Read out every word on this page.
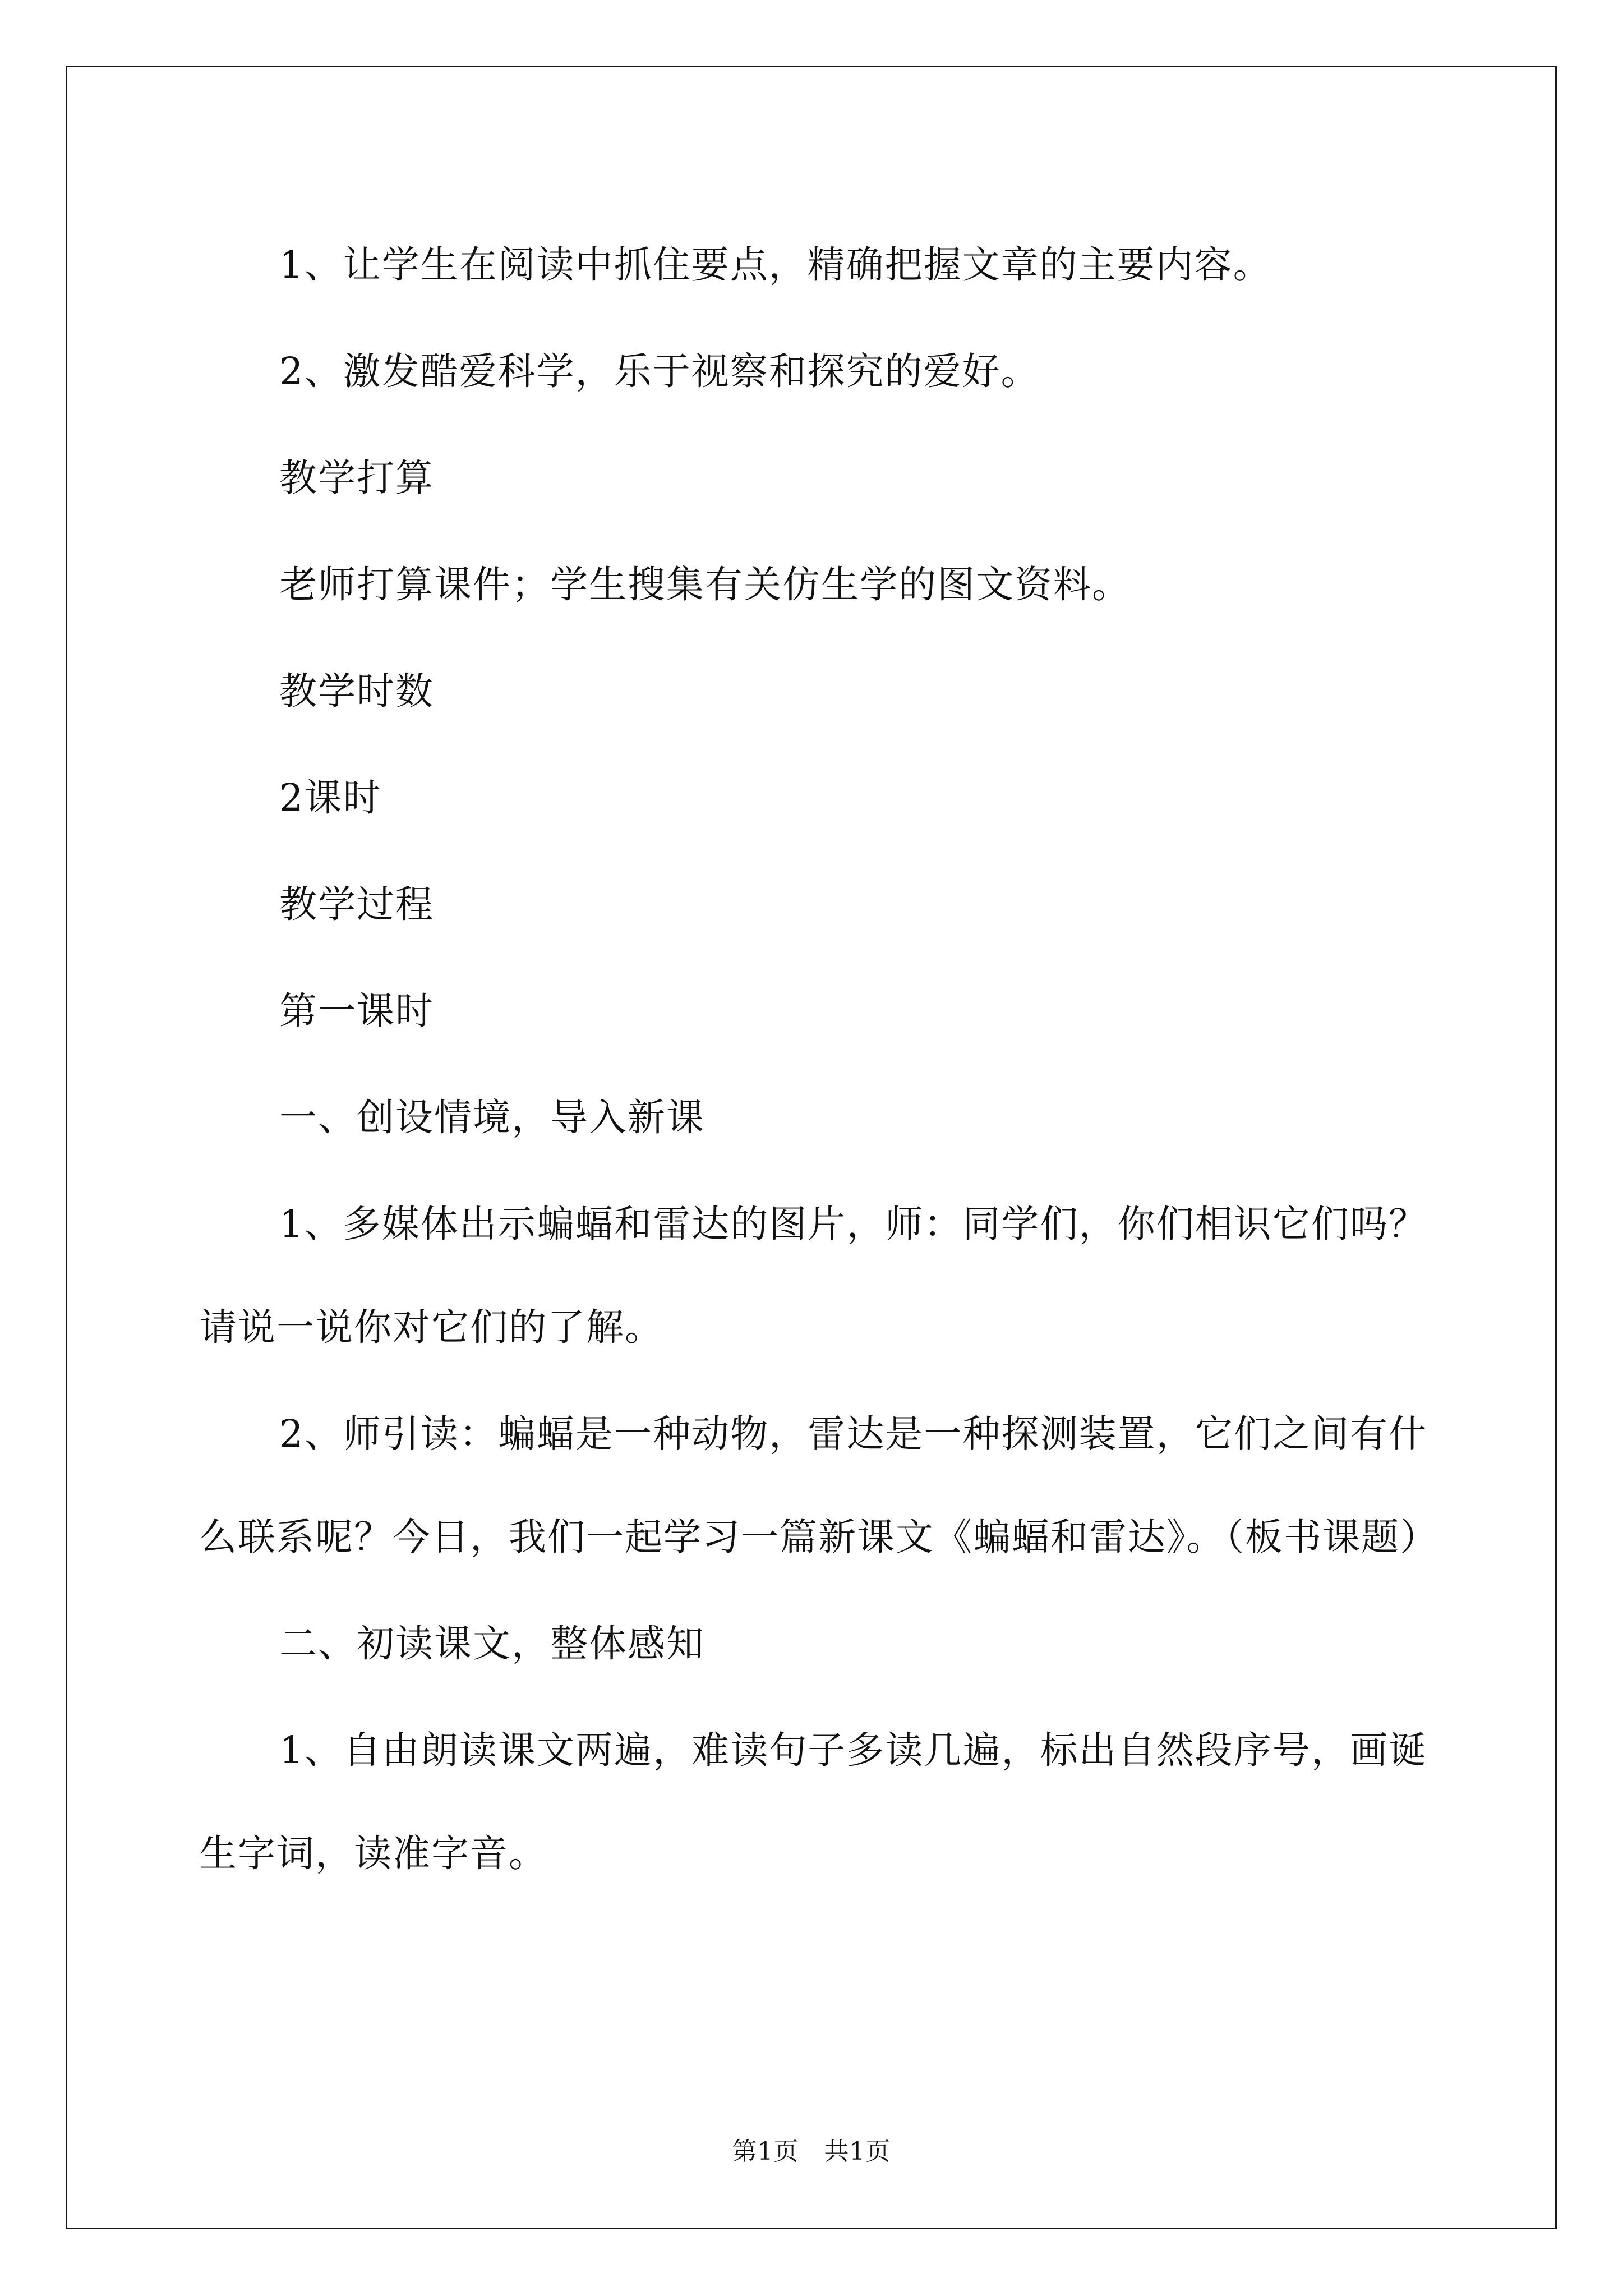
1、让学生在阅读中抓住要点，精确把握文章的主要内容。

2、激发酷爱科学，乐于视察和探究的爱好。

教学打算

老师打算课件；学生搜集有关仿生学的图文资料。

教学时数

2课时

教学过程

第一课时

一、创设情境，导入新课

1、多媒体出示蝙蝠和雷达的图片，师：同学们，你们相识它们吗？请说一说你对它们的了解。

2、师引读：蝙蝠是一种动物，雷达是一种探测装置，它们之间有什么联系呢？今日，我们一起学习一篇新课文《蝙蝠和雷达》。（板书课题）

二、初读课文，整体感知

1、自由朗读课文两遍，难读句子多读几遍，标出自然段序号，画诞生字词，读准字音。

第1页　共1页
